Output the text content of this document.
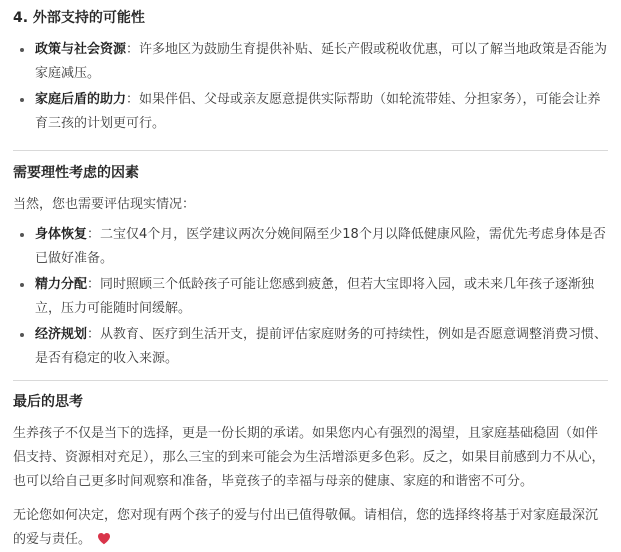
4. 外部支持的可能性
政策与社会资源：许多地区为鼓励生育提供补贴、延长产假或税收优惠，可以了解当地政策是否能为家庭减压。
家庭后盾的助力：如果伴侣、父母或亲友愿意提供实际帮助（如轮流带娃、分担家务），可能会让养育三孩的计划更可行。
需要理性考虑的因素

当然，您也需要评估现实情况：

身体恢复：二宝仅4个月，医学建议两次分娩间隔至少18个月以降低健康风险，需优先考虑身体是否已做好准备。
精力分配：同时照顾三个低龄孩子可能让您感到疲惫，但若大宝即将入园，或未来几年孩子逐渐独立，压力可能随时间缓解。
经济规划：从教育、医疗到生活开支，提前评估家庭财务的可持续性，例如是否愿意调整消费习惯、是否有稳定的收入来源。
最后的思考

生养孩子不仅是当下的选择，更是一份长期的承诺。如果您内心有强烈的渴望，且家庭基础稳固（如伴侣支持、资源相对充足），那么三宝的到来可能会为生活增添更多色彩。反之，如果目前感到力不从心，也可以给自己更多时间观察和准备，毕竟孩子的幸福与母亲的健康、家庭的和谐密不可分。

无论您如何决定，您对现有两个孩子的爱与付出已值得敬佩。请相信，您的选择终将基于对家庭最深沉的爱与责任。
